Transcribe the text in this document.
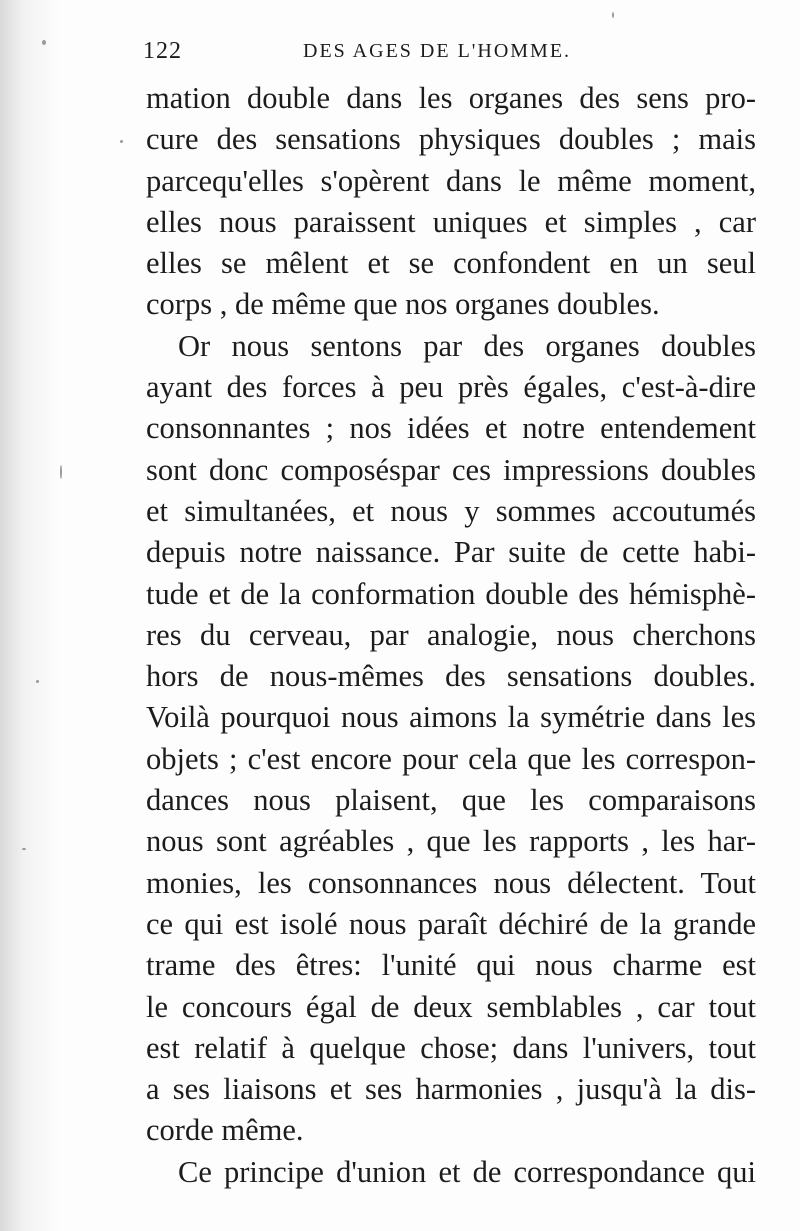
122	DES AGES DE L'HOMME.
mation double dans les organes des sens pro-
cure des sensations physiques doubles ; mais
parcequ'elles s'opèrent dans le même moment,
elles nous paraissent uniques et simples , car
elles se mêlent et se confondent en un seul
corps , de même que nos organes doubles.
Or nous sentons par des organes doubles
ayant des forces à peu près égales, c'est-à-dire
consonnantes ; nos idées et notre entendement
sont donc composéspar ces impressions doubles
et simultanées, et nous y sommes accoutumés
depuis notre naissance. Par suite de cette habi-
tude et de la conformation double des hémisphè-
res du cerveau, par analogie, nous cherchons
hors de nous-mêmes des sensations doubles.
Voilà pourquoi nous aimons la symétrie dans les
objets ; c'est encore pour cela que les correspon-
dances nous plaisent, que les comparaisons
nous sont agréables , que les rapports , les har-
monies, les consonnances nous délectent. Tout
ce qui est isolé nous paraît déchiré de la grande
trame des êtres: l'unité qui nous charme est
le concours égal de deux semblables , car tout
est relatif à quelque chose; dans l'univers, tout
a ses liaisons et ses harmonies , jusqu'à la dis-
corde même.
Ce principe d'union et de correspondance qui
